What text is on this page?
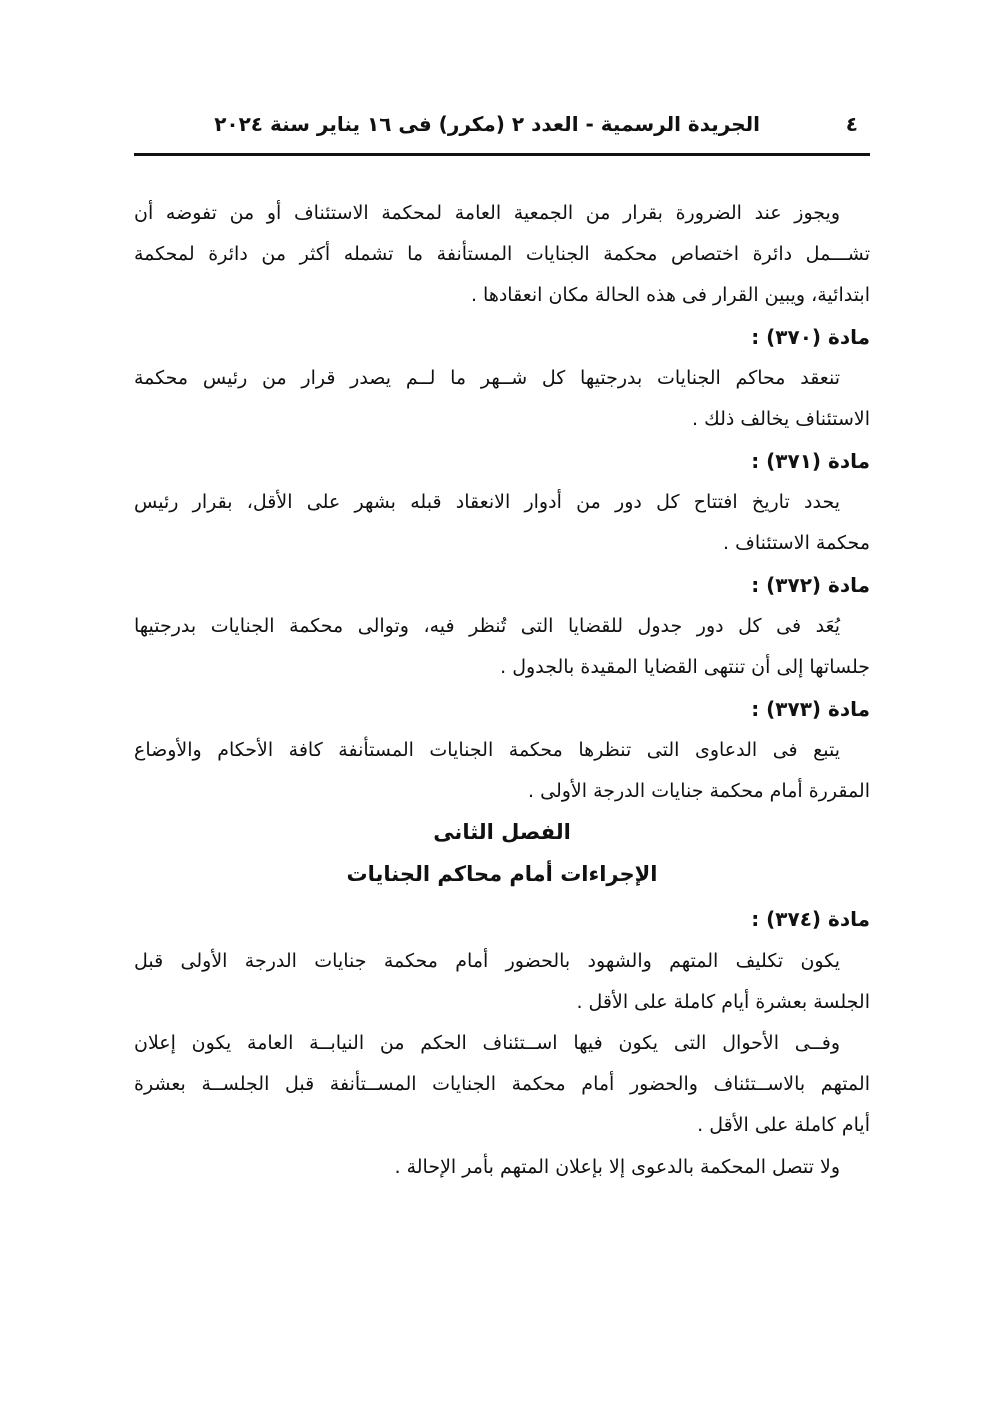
٤
الجريدة الرسمية - العدد ٢ (مكرر) فى ١٦ يناير سنة ٢٠٢٤
ويجوز عند الضرورة بقرار من الجمعية العامة لمحكمة الاستئناف أو من تفوضه أن
تشـــمل دائرة اختصاص محكمة الجنايات المستأنفة ما تشمله أكثر من دائرة لمحكمة
ابتدائية، ويبين القرار فى هذه الحالة مكان انعقادها .
مادة (٣٧٠) :
تنعقد محاكم الجنايات بدرجتيها كل شــهر ما لــم يصدر قرار من رئيس محكمة
الاستئناف يخالف ذلك .
مادة (٣٧١) :
يحدد تاريخ افتتاح كل دور من أدوار الانعقاد قبله بشهر على الأقل، بقرار رئيس
محكمة الاستئناف .
مادة (٣٧٢) :
يُعَد فى كل دور جدول للقضايا التى تُنظر فيه، وتوالى محكمة الجنايات بدرجتيها
جلساتها إلى أن تنتهى القضايا المقيدة بالجدول .
مادة (٣٧٣) :
يتبع فى الدعاوى التى تنظرها محكمة الجنايات المستأنفة كافة الأحكام والأوضاع
المقررة أمام محكمة جنايات الدرجة الأولى .
الفصل الثانى
الإجراءات أمام محاكم الجنايات
مادة (٣٧٤) :
يكون تكليف المتهم والشهود بالحضور أمام محكمة جنايات الدرجة الأولى قبل
الجلسة بعشرة أيام كاملة على الأقل .
وفــى الأحوال التى يكون فيها اســتئناف الحكم من النيابــة العامة يكون إعلان
المتهم بالاســتئناف والحضور أمام محكمة الجنايات المســتأنفة قبل الجلســة بعشرة
أيام كاملة على الأقل .
ولا تتصل المحكمة بالدعوى إلا بإعلان المتهم بأمر الإحالة .
